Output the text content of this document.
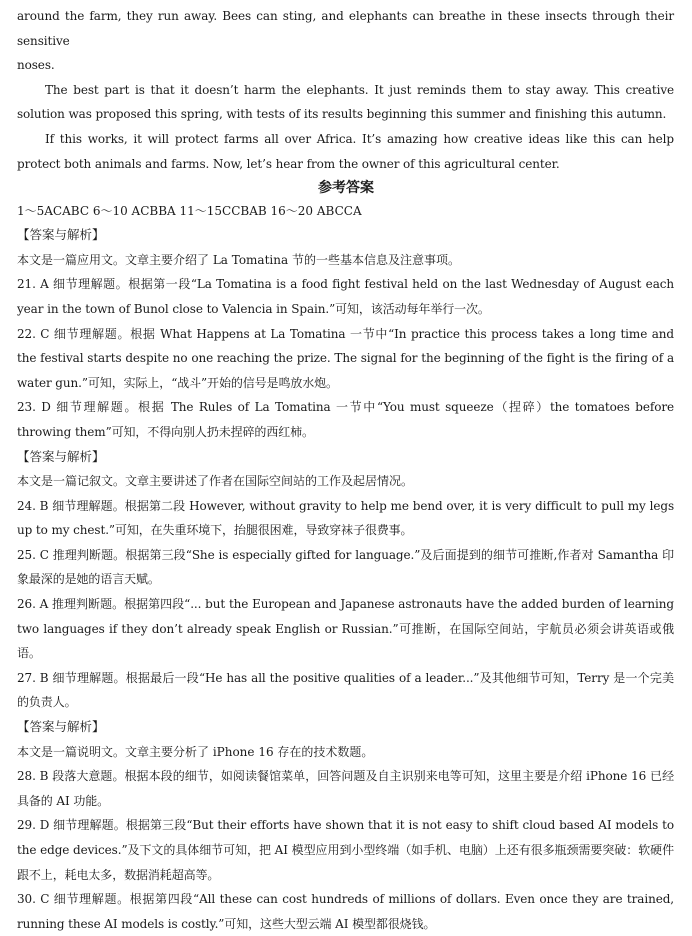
around the farm, they run away. Bees can sting, and elephants can breathe in these insects through their sensitive

noses.

The best part is that it doesn’t harm the elephants. It just reminds them to stay away. This creative solution was proposed this spring, with tests of its results beginning this summer and finishing this autumn.

If this works, it will protect farms all over Africa. It’s amazing how creative ideas like this can help protect both animals and farms. Now, let’s hear from the owner of this agricultural center.

参考答案
1～5ACABC 6～10 ACBBA 11～15CCBAB 16～20 ABCCA
【答案与解析】
本文是一篇应用文。文章主要介绍了 La Tomatina 节的一些基本信息及注意事项。

21. A 细节理解题。根据第一段“La Tomatina is a food fight festival held on the last Wednesday of August each year in the town of Bunol close to Valencia in Spain.”可知，该活动每年举行一次。

22. C 细节理解题。根据 What Happens at La Tomatina 一节中“In practice this process takes a long time and the festival starts despite no one reaching the prize. The signal for the beginning of the fight is the firing of a water gun.”可知，实际上，“战斗”开始的信号是鸣放水炮。

23. D 细节理解题。根据 The Rules of La Tomatina 一节中“You must squeeze（捏碎）the tomatoes before throwing them”可知，不得向别人扔未捏碎的西红柿。

【答案与解析】
本文是一篇记叙文。文章主要讲述了作者在国际空间站的工作及起居情况。

24. B 细节理解题。根据第二段 However, without gravity to help me bend over, it is very difficult to pull my legs up to my chest.”可知，在失重环境下，抬腿很困难，导致穿袜子很费事。

25. C 推理判断题。根据第三段“She is especially gifted for language.”及后面提到的细节可推断,作者对 Samantha 印象最深的是她的语言天赋。

26. A 推理判断题。根据第四段“... but the European and Japanese astronauts have the added burden of learning two languages if they don’t already speak English or Russian.”可推断，在国际空间站，宇航员必须会讲英语或俄语。

27. B 细节理解题。根据最后一段“He has all the positive qualities of a leader...”及其他细节可知，Terry 是一个完美的负责人。

【答案与解析】
本文是一篇说明文。文章主要分析了 iPhone 16 存在的技术数题。

28. B 段落大意题。根据本段的细节，如阅读餐馆菜单，回答问题及自主识别来电等可知，这里主要是介绍 iPhone 16 已经具备的 AI 功能。

29. D 细节理解题。根据第三段“But their efforts have shown that it is not easy to shift cloud based AI models to the edge devices.”及下文的具体细节可知，把 AI 模型应用到小型终端（如手机、电脑）上还有很多瓶颈需要突破：软硬件跟不上，耗电太多，数据消耗超高等。

30. C 细节理解题。根据第四段“All these can cost hundreds of millions of dollars. Even once they are trained, running these AI models is costly.”可知，这些大型云端 AI 模型都很烧钱。
